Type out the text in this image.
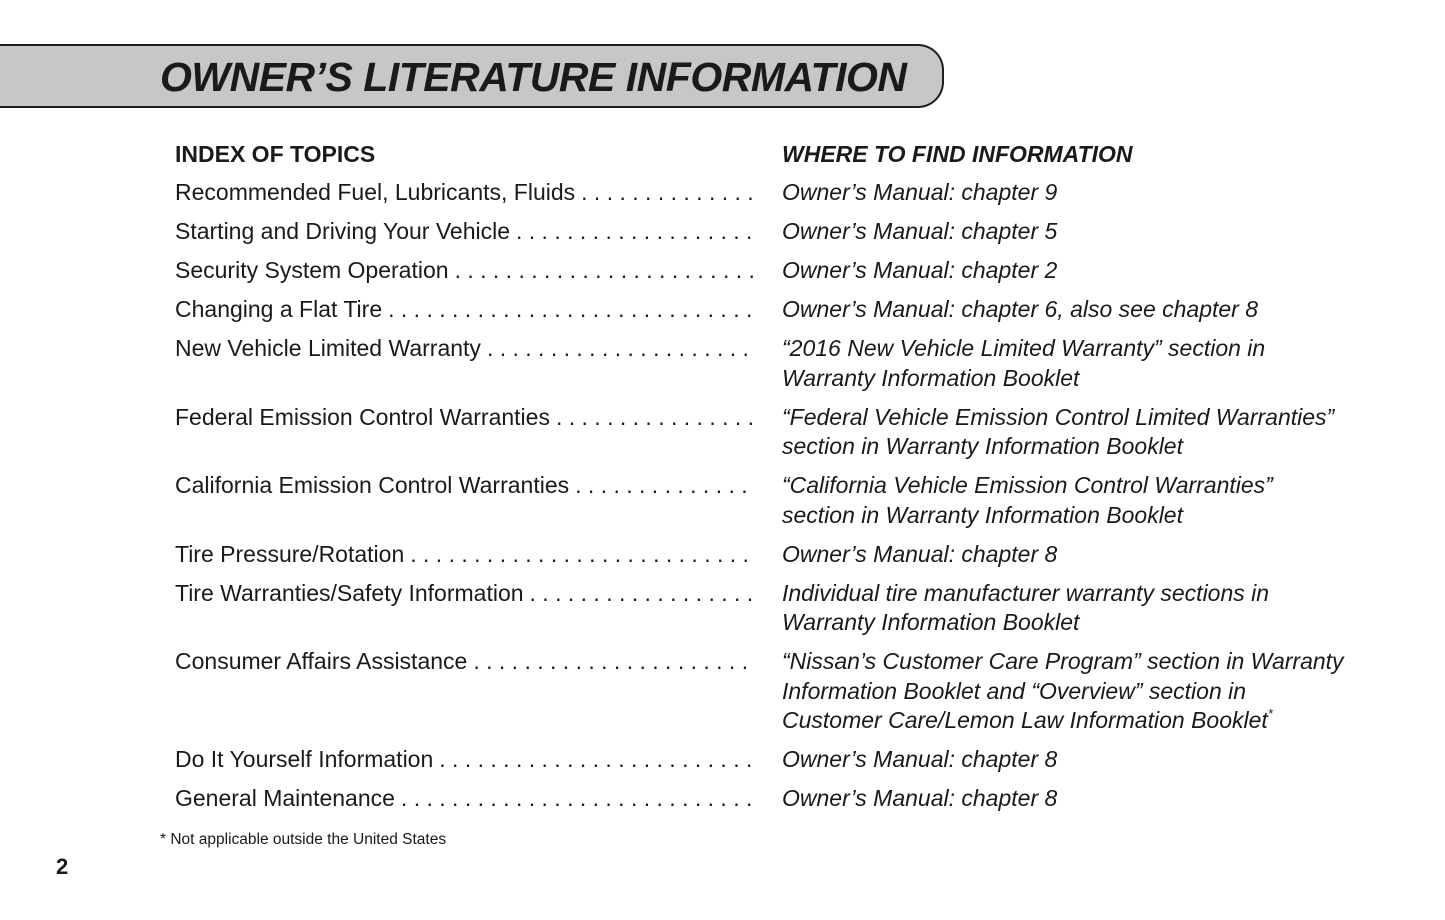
OWNER’S LITERATURE INFORMATION
INDEX OF TOPICS	WHERE TO FIND INFORMATION
Recommended Fuel, Lubricants, Fluids . . .	Owner’s Manual: chapter 9
Starting and Driving Your Vehicle . . .	Owner’s Manual: chapter 5
Security System Operation . . .	Owner’s Manual: chapter 2
Changing a Flat Tire . . .	Owner’s Manual: chapter 6, also see chapter 8
New Vehicle Limited Warranty . . .	“2016 New Vehicle Limited Warranty” section in
Warranty Information Booklet
Federal Emission Control Warranties . . .	“Federal Vehicle Emission Control Limited Warranties”
section in Warranty Information Booklet
California Emission Control Warranties . . .	“California Vehicle Emission Control Warranties”
section in Warranty Information Booklet
Tire Pressure/Rotation . . .	Owner’s Manual: chapter 8
Tire Warranties/Safety Information . . .	Individual tire manufacturer warranty sections in
Warranty Information Booklet
Consumer Affairs Assistance . . .	“Nissan’s Customer Care Program” section in Warranty
Information Booklet and “Overview” section in
Customer Care/Lemon Law Information Booklet*
Do It Yourself Information . . .	Owner’s Manual: chapter 8
General Maintenance . . .	Owner’s Manual: chapter 8
* Not applicable outside the United States
2
